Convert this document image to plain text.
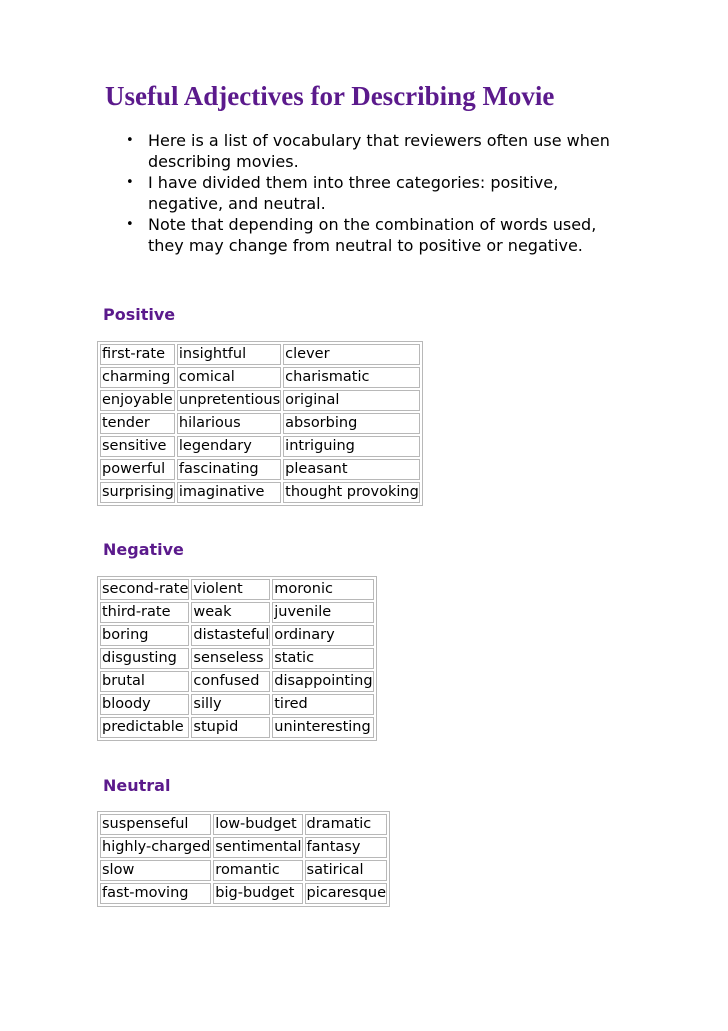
Useful Adjectives for Describing Movie
• Here is a list of vocabulary that reviewers often use when describing movies.
• I have divided them into three categories: positive, negative, and neutral.
• Note that depending on the combination of words used, they may change from neutral to positive or negative.
Positive
first-rate	insightful	clever
charming	comical	charismatic
enjoyable	unpretentious	original
tender	hilarious	absorbing
sensitive	legendary	intriguing
powerful	fascinating	pleasant
surprising	imaginative	thought provoking
Negative
second-rate	violent	moronic
third-rate	weak	juvenile
boring	distasteful	ordinary
disgusting	senseless	static
brutal	confused	disappointing
bloody	silly	tired
predictable	stupid	uninteresting
Neutral
suspenseful	low-budget	dramatic
highly-charged	sentimental	fantasy
slow	romantic	satirical
fast-moving	big-budget	picaresque
